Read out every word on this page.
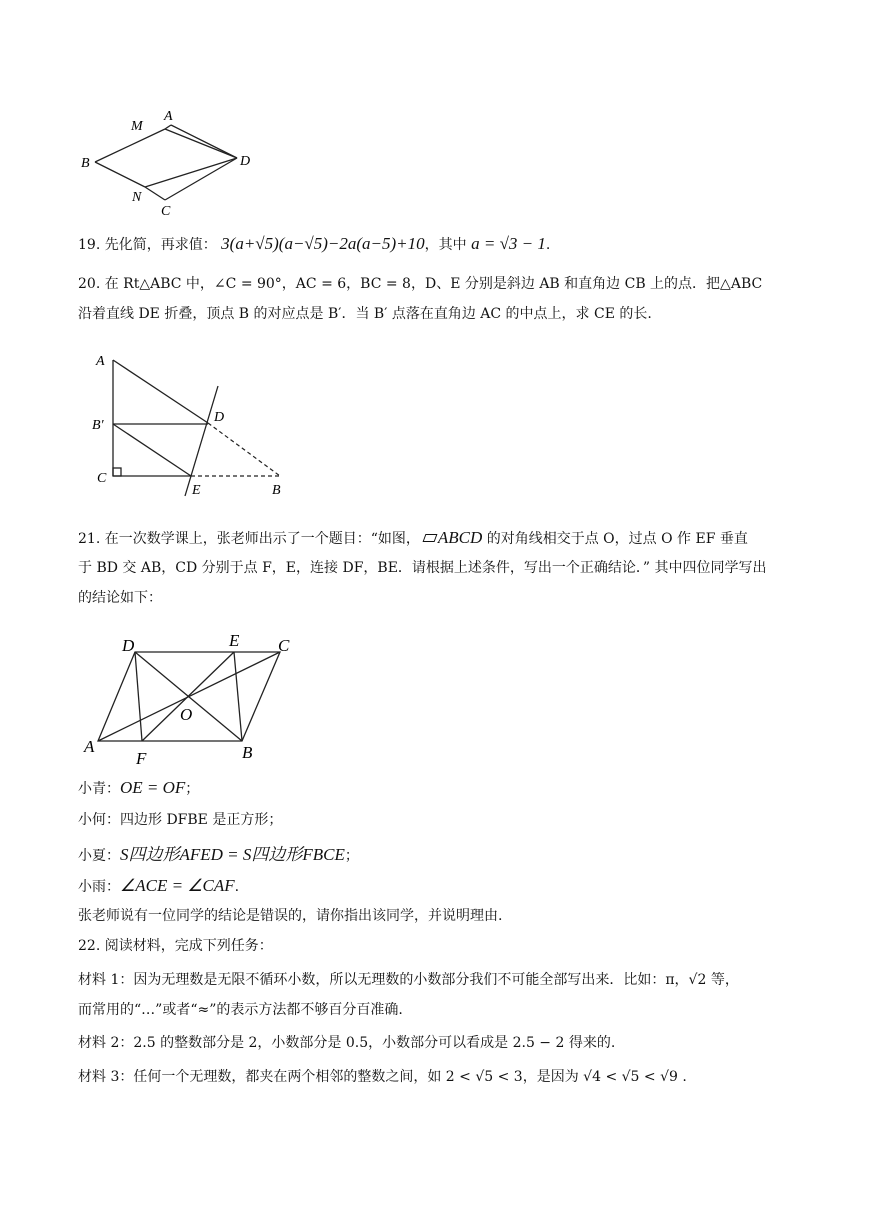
M
A
B	D
N
C
19. 先化简，再求值： 3(a+√5)(a−√5)−2a(a−5)+10，其中 a = √3 − 1.
20. 在 Rt△ABC 中，∠C = 90°，AC = 6，BC = 8，D、E 分别是斜边 AB 和直角边 CB 上的点．把△ABC
沿着直线 DE 折叠，顶点 B 的对应点是 B′．当 B′ 点落在直角边 AC 的中点上，求 CE 的长.
A
B′
C
D
E	B
21. 在一次数学课上，张老师出示了一个题目：“如图， ABCD 的对角线相交于点 O，过点 O 作 EF 垂直
于 BD 交 AB，CD 分别于点 F，E，连接 DF，BE．请根据上述条件，写出一个正确结论．” 其中四位同学写出
的结论如下：
D	E C
O
A
F	B
小青：OE = OF；
小何：四边形 DFBE 是正方形；
小夏：S四边形AFED = S四边形FBCE；
小雨：∠ACE = ∠CAF.
张老师说有一位同学的结论是错误的，请你指出该同学，并说明理由.
22. 阅读材料，完成下列任务：
材料 1：因为无理数是无限不循环小数，所以无理数的小数部分我们不可能全部写出来．比如：π，√2 等，
而常用的“…”或者“≈”的表示方法都不够百分百准确.
材料 2：2.5 的整数部分是 2，小数部分是 0.5，小数部分可以看成是 2.5 − 2 得来的.
材料 3：任何一个无理数，都夹在两个相邻的整数之间，如 2 < √5 < 3，是因为 √4 < √5 < √9 .
